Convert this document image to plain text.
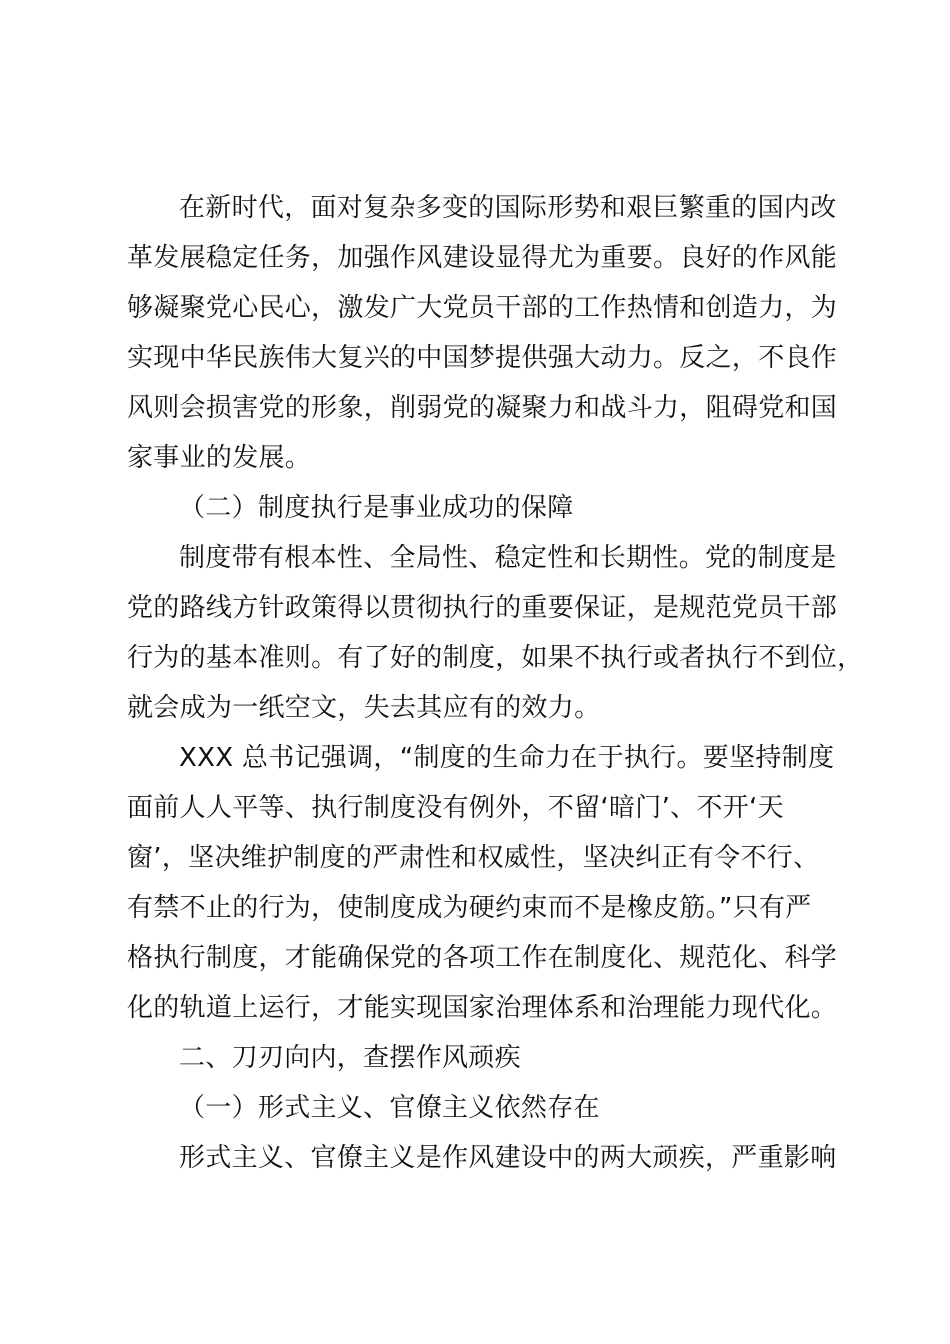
在新时代，面对复杂多变的国际形势和艰巨繁重的国内改
革发展稳定任务，加强作风建设显得尤为重要。良好的作风能
够凝聚党心民心，激发广大党员干部的工作热情和创造力，为
实现中华民族伟大复兴的中国梦提供强大动力。反之，不良作
风则会损害党的形象，削弱党的凝聚力和战斗力，阻碍党和国
家事业的发展。
（二）制度执行是事业成功的保障
制度带有根本性、全局性、稳定性和长期性。党的制度是
党的路线方针政策得以贯彻执行的重要保证，是规范党员干部
行为的基本准则。有了好的制度，如果不执行或者执行不到位，
就会成为一纸空文，失去其应有的效力。
XXX 总书记强调，“制度的生命力在于执行。要坚持制度
面前人人平等、执行制度没有例外，不留‘暗门’、不开‘天
窗’，坚决维护制度的严肃性和权威性，坚决纠正有令不行、
有禁不止的行为，使制度成为硬约束而不是橡皮筋。”只有严
格执行制度，才能确保党的各项工作在制度化、规范化、科学
化的轨道上运行，才能实现国家治理体系和治理能力现代化。
二、刀刃向内，查摆作风顽疾
（一）形式主义、官僚主义依然存在
形式主义、官僚主义是作风建设中的两大顽疾，严重影响
